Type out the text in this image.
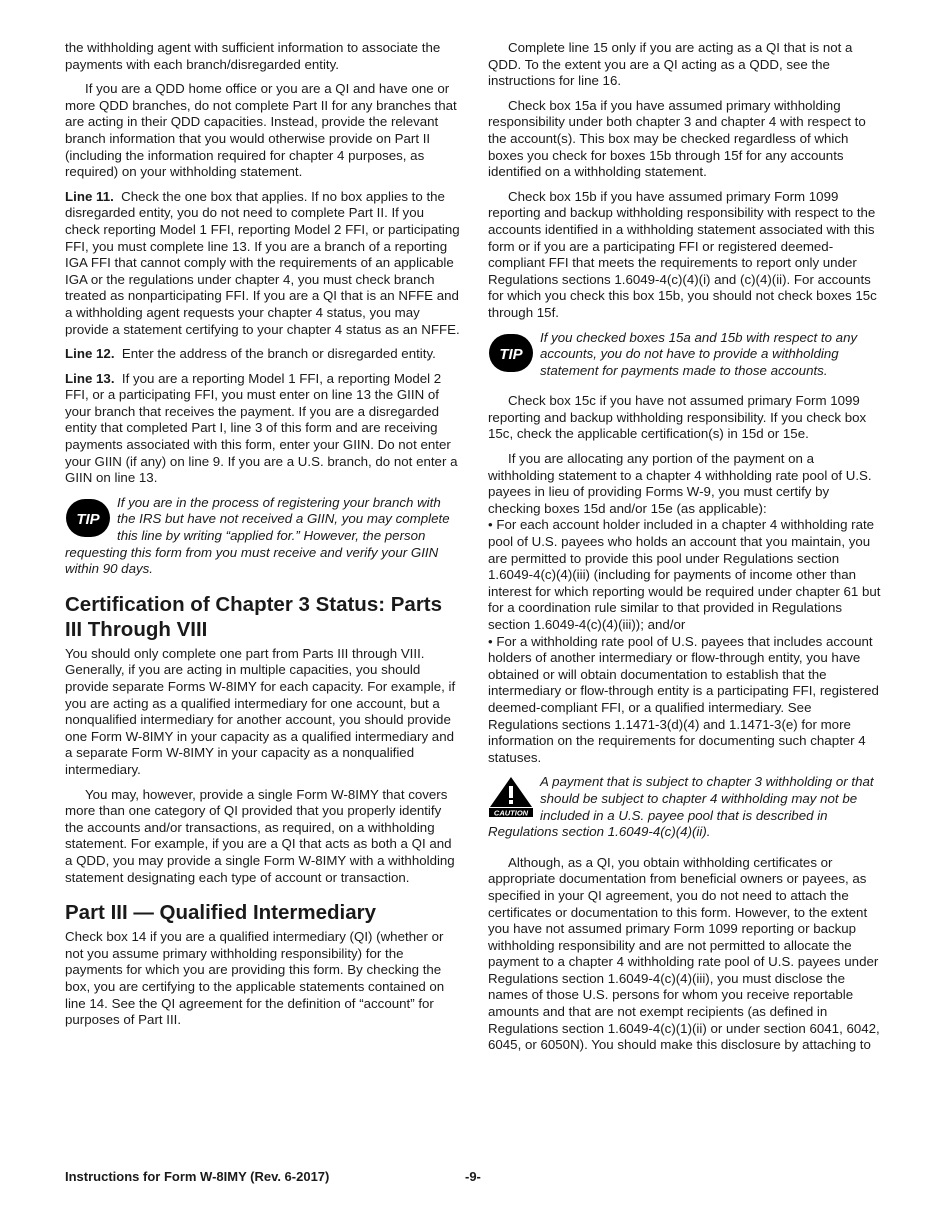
the withholding agent with sufficient information to associate the payments with each branch/disregarded entity.

If you are a QDD home office or you are a QI and have one or more QDD branches, do not complete Part II for any branches that are acting in their QDD capacities. Instead, provide the relevant branch information that you would otherwise provide on Part II (including the information required for chapter 4 purposes, as required) on your withholding statement.

Line 11. Check the one box that applies. If no box applies to the disregarded entity, you do not need to complete Part II. If you check reporting Model 1 FFI, reporting Model 2 FFI, or participating FFI, you must complete line 13. If you are a branch of a reporting IGA FFI that cannot comply with the requirements of an applicable IGA or the regulations under chapter 4, you must check branch treated as nonparticipating FFI. If you are a QI that is an NFFE and a withholding agent requests your chapter 4 status, you may provide a statement certifying to your chapter 4 status as an NFFE.

Line 12. Enter the address of the branch or disregarded entity.

Line 13. If you are a reporting Model 1 FFI, a reporting Model 2 FFI, or a participating FFI, you must enter on line 13 the GIIN of your branch that receives the payment. If you are a disregarded entity that completed Part I, line 3 of this form and are receiving payments associated with this form, enter your GIIN. Do not enter your GIIN (if any) on line 9. If you are a U.S. branch, do not enter a GIIN on line 13.

TIP
If you are in the process of registering your branch with the IRS but have not received a GIIN, you may complete this line by writing “applied for.” However, the person requesting this form from you must receive and verify your GIIN within 90 days.
Certification of Chapter 3 Status: Parts III Through VIII

You should only complete one part from Parts III through VIII. Generally, if you are acting in multiple capacities, you should provide separate Forms W-8IMY for each capacity. For example, if you are acting as a qualified intermediary for one account, but a nonqualified intermediary for another account, you should provide one Form W-8IMY in your capacity as a qualified intermediary and a separate Form W-8IMY in your capacity as a nonqualified intermediary.

You may, however, provide a single Form W-8IMY that covers more than one category of QI provided that you properly identify the accounts and/or transactions, as required, on a withholding statement. For example, if you are a QI that acts as both a QI and a QDD, you may provide a single Form W-8IMY with a withholding statement designating each type of account or transaction.

Part III — Qualified Intermediary

Check box 14 if you are a qualified intermediary (QI) (whether or not you assume primary withholding responsibility) for the payments for which you are providing this form. By checking the box, you are certifying to the applicable statements contained on line 14. See the QI agreement for the definition of “account” for purposes of Part III.

Complete line 15 only if you are acting as a QI that is not a QDD. To the extent you are a QI acting as a QDD, see the instructions for line 16.

Check box 15a if you have assumed primary withholding responsibility under both chapter 3 and chapter 4 with respect to the account(s). This box may be checked regardless of which boxes you check for boxes 15b through 15f for any accounts identified on a withholding statement.

Check box 15b if you have assumed primary Form 1099 reporting and backup withholding responsibility with respect to the accounts identified in a withholding statement associated with this form or if you are a participating FFI or registered deemed-compliant FFI that meets the requirements to report only under Regulations sections 1.6049-4(c)(4)(i) and (c)(4)(ii). For accounts for which you check this box 15b, you should not check boxes 15c through 15f.

TIP
If you checked boxes 15a and 15b with respect to any accounts, you do not have to provide a withholding statement for payments made to those accounts.

Check box 15c if you have not assumed primary Form 1099 reporting and backup withholding responsibility. If you check box 15c, check the applicable certification(s) in 15d or 15e.

If you are allocating any portion of the payment on a withholding statement to a chapter 4 withholding rate pool of U.S. payees in lieu of providing Forms W-9, you must certify by checking boxes 15d and/or 15e (as applicable):

• For each account holder included in a chapter 4 withholding rate pool of U.S. payees who holds an account that you maintain, you are permitted to provide this pool under Regulations section 1.6049-4(c)(4)(iii) (including for payments of income other than interest for which reporting would be required under chapter 61 but for a coordination rule similar to that provided in Regulations section 1.6049-4(c)(4)(iii)); and/or

• For a withholding rate pool of U.S. payees that includes account holders of another intermediary or flow-through entity, you have obtained or will obtain documentation to establish that the intermediary or flow-through entity is a participating FFI, registered deemed-compliant FFI, or a qualified intermediary. See Regulations sections 1.1471-3(d)(4) and 1.1471-3(e) for more information on the requirements for documenting such chapter 4 statuses.

CAUTION
A payment that is subject to chapter 3 withholding or that should be subject to chapter 4 withholding may not be included in a U.S. payee pool that is described in Regulations section 1.6049-4(c)(4)(ii).

Although, as a QI, you obtain withholding certificates or appropriate documentation from beneficial owners or payees, as specified in your QI agreement, you do not need to attach the certificates or documentation to this form. However, to the extent you have not assumed primary Form 1099 reporting or backup withholding responsibility and are not permitted to allocate the payment to a chapter 4 withholding rate pool of U.S. payees under Regulations section 1.6049-4(c)(4)(iii), you must disclose the names of those U.S. persons for whom you receive reportable amounts and that are not exempt recipients (as defined in Regulations section 1.6049-4(c)(1)(ii) or under section 6041, 6042, 6045, or 6050N). You should make this disclosure by attaching to

Instructions for Form W-8IMY (Rev. 6-2017)	-9-
